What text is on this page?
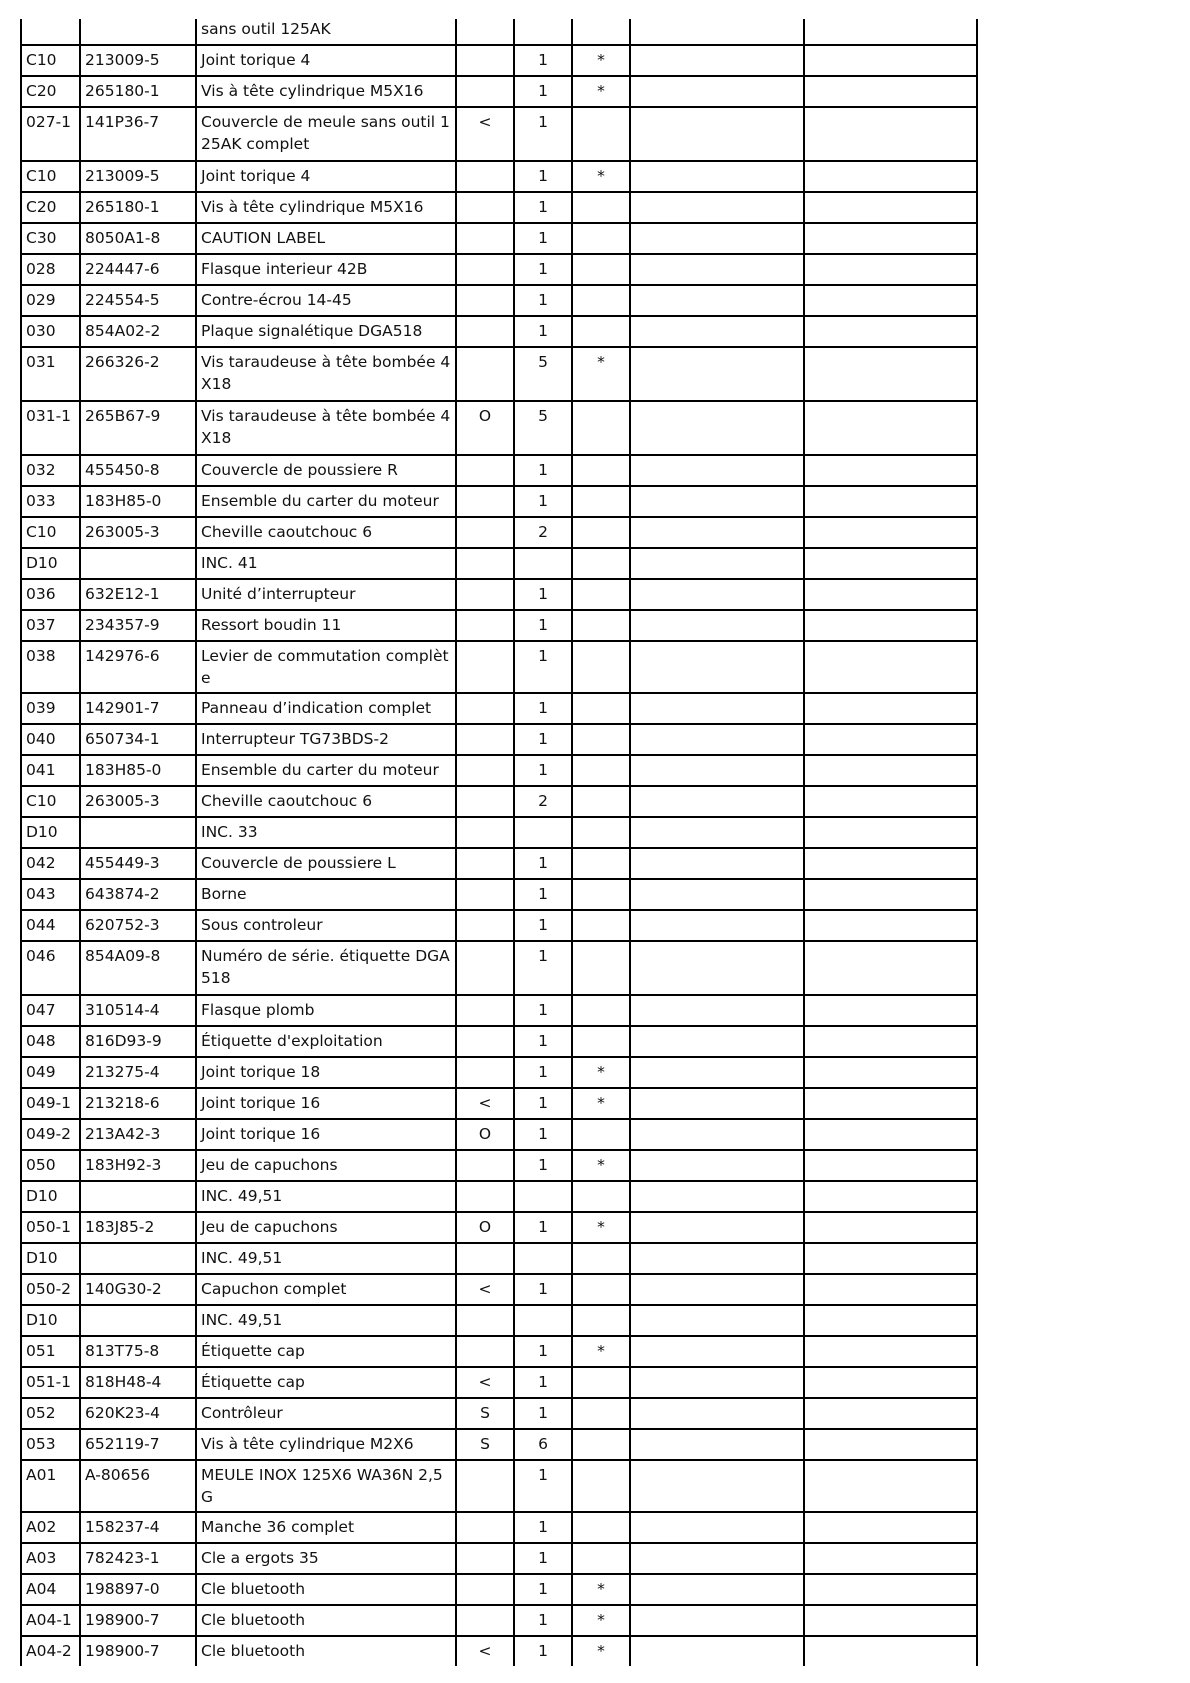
		sans outil 125AK					
C10	213009-5	Joint torique 4		1	*		
C20	265180-1	Vis à tête cylindrique M5X16		1	*		
027-1	141P36-7	Couvercle de meule sans outil 125AK complet	<	1			
C10	213009-5	Joint torique 4		1	*		
C20	265180-1	Vis à tête cylindrique M5X16		1			
C30	8050A1-8	CAUTION LABEL		1			
028	224447-6	Flasque interieur 42B		1			
029	224554-5	Contre-écrou 14-45		1			
030	854A02-2	Plaque signalétique DGA518		1			
031	266326-2	Vis taraudeuse à tête bombée 4X18		5	*		
031-1	265B67-9	Vis taraudeuse à tête bombée 4X18	O	5			
032	455450-8	Couvercle de poussiere R		1			
033	183H85-0	Ensemble du carter du moteur		1			
C10	263005-3	Cheville caoutchouc 6		2			
D10		INC. 41					
036	632E12-1	Unité d’interrupteur		1			
037	234357-9	Ressort boudin 11		1			
038	142976-6	Levier de commutation complète		1			
039	142901-7	Panneau d’indication complet		1			
040	650734-1	Interrupteur TG73BDS-2		1			
041	183H85-0	Ensemble du carter du moteur		1			
C10	263005-3	Cheville caoutchouc 6		2			
D10		INC. 33					
042	455449-3	Couvercle de poussiere L		1			
043	643874-2	Borne		1			
044	620752-3	Sous controleur		1			
046	854A09-8	Numéro de série. étiquette DGA 518		1			
047	310514-4	Flasque plomb		1			
048	816D93-9	Étiquette d'exploitation		1			
049	213275-4	Joint torique 18		1	*		
049-1	213218-6	Joint torique 16	<	1	*		
049-2	213A42-3	Joint torique 16	O	1			
050	183H92-3	Jeu de capuchons		1	*		
D10		INC. 49,51					
050-1	183J85-2	Jeu de capuchons	O	1	*		
D10		INC. 49,51					
050-2	140G30-2	Capuchon complet	<	1			
D10		INC. 49,51					
051	813T75-8	Étiquette cap		1	*		
051-1	818H48-4	Étiquette cap	<	1			
052	620K23-4	Contrôleur	S	1			
053	652119-7	Vis à tête cylindrique M2X6	S	6			
A01	A-80656	MEULE INOX 125X6 WA36N 2,5G		1			
A02	158237-4	Manche 36 complet		1			
A03	782423-1	Cle a ergots 35		1			
A04	198897-0	Cle bluetooth		1	*		
A04-1	198900-7	Cle bluetooth		1	*		
A04-2	198900-7	Cle bluetooth	<	1	*		
